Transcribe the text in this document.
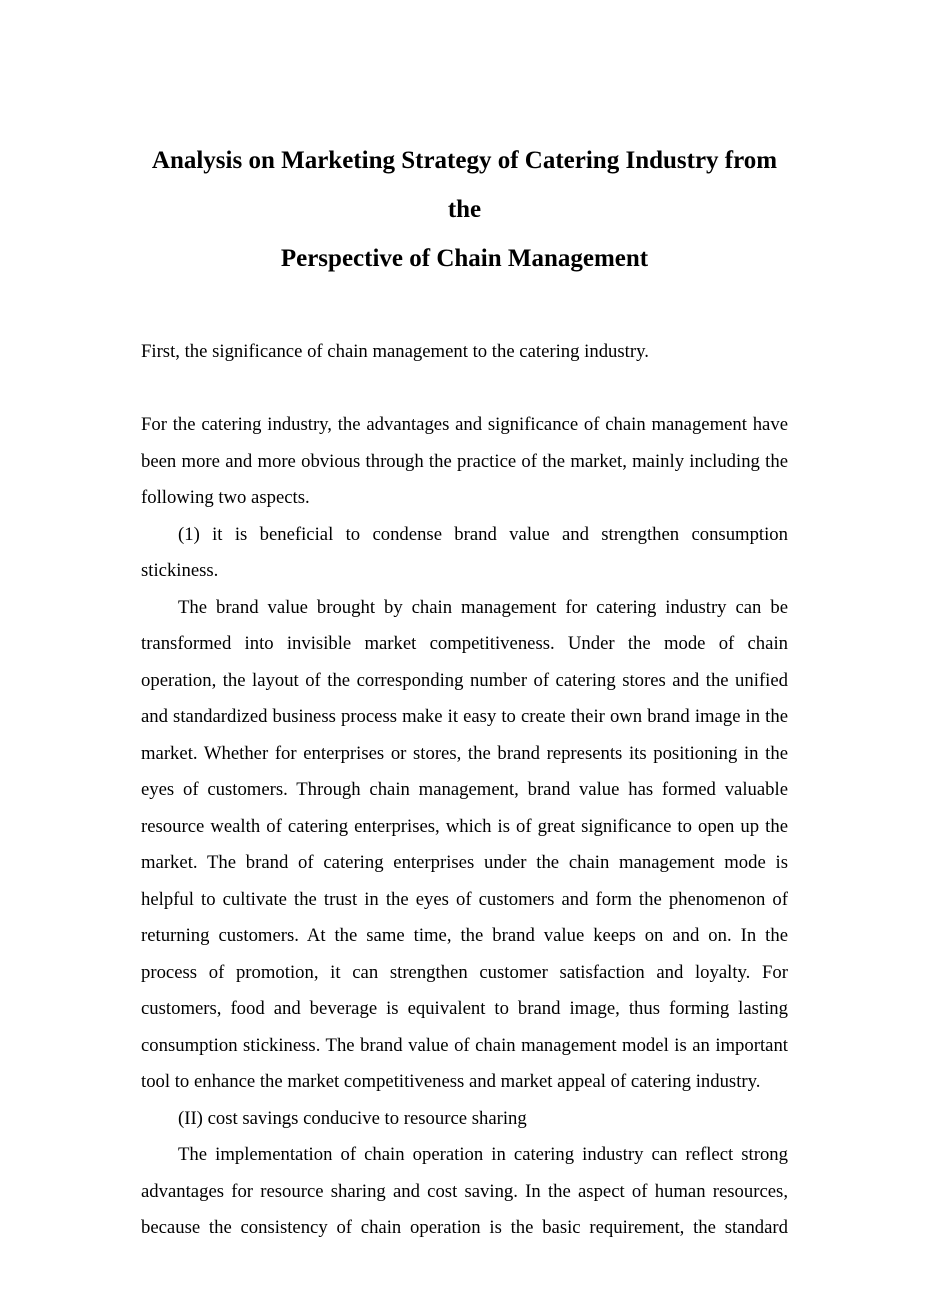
Analysis on Marketing Strategy of Catering Industry from the
Perspective of Chain Management

First, the significance of chain management to the catering industry.

For the catering industry, the advantages and significance of chain management have been more and more obvious through the practice of the market, mainly including the following two aspects.

(1) it is beneficial to condense brand value and strengthen consumption stickiness.

The brand value brought by chain management for catering industry can be transformed into invisible market competitiveness. Under the mode of chain operation, the layout of the corresponding number of catering stores and the unified and standardized business process make it easy to create their own brand image in the market. Whether for enterprises or stores, the brand represents its positioning in the eyes of customers. Through chain management, brand value has formed valuable resource wealth of catering enterprises, which is of great significance to open up the market. The brand of catering enterprises under the chain management mode is helpful to cultivate the trust in the eyes of customers and form the phenomenon of returning customers. At the same time, the brand value keeps on and on. In the process of promotion, it can strengthen customer satisfaction and loyalty. For customers, food and beverage is equivalent to brand image, thus forming lasting consumption stickiness. The brand value of chain management model is an important tool to enhance the market competitiveness and market appeal of catering industry.

(II) cost savings conducive to resource sharing

The implementation of chain operation in catering industry can reflect strong advantages for resource sharing and cost saving. In the aspect of human resources, because the consistency of chain operation is the basic requirement, the standard
